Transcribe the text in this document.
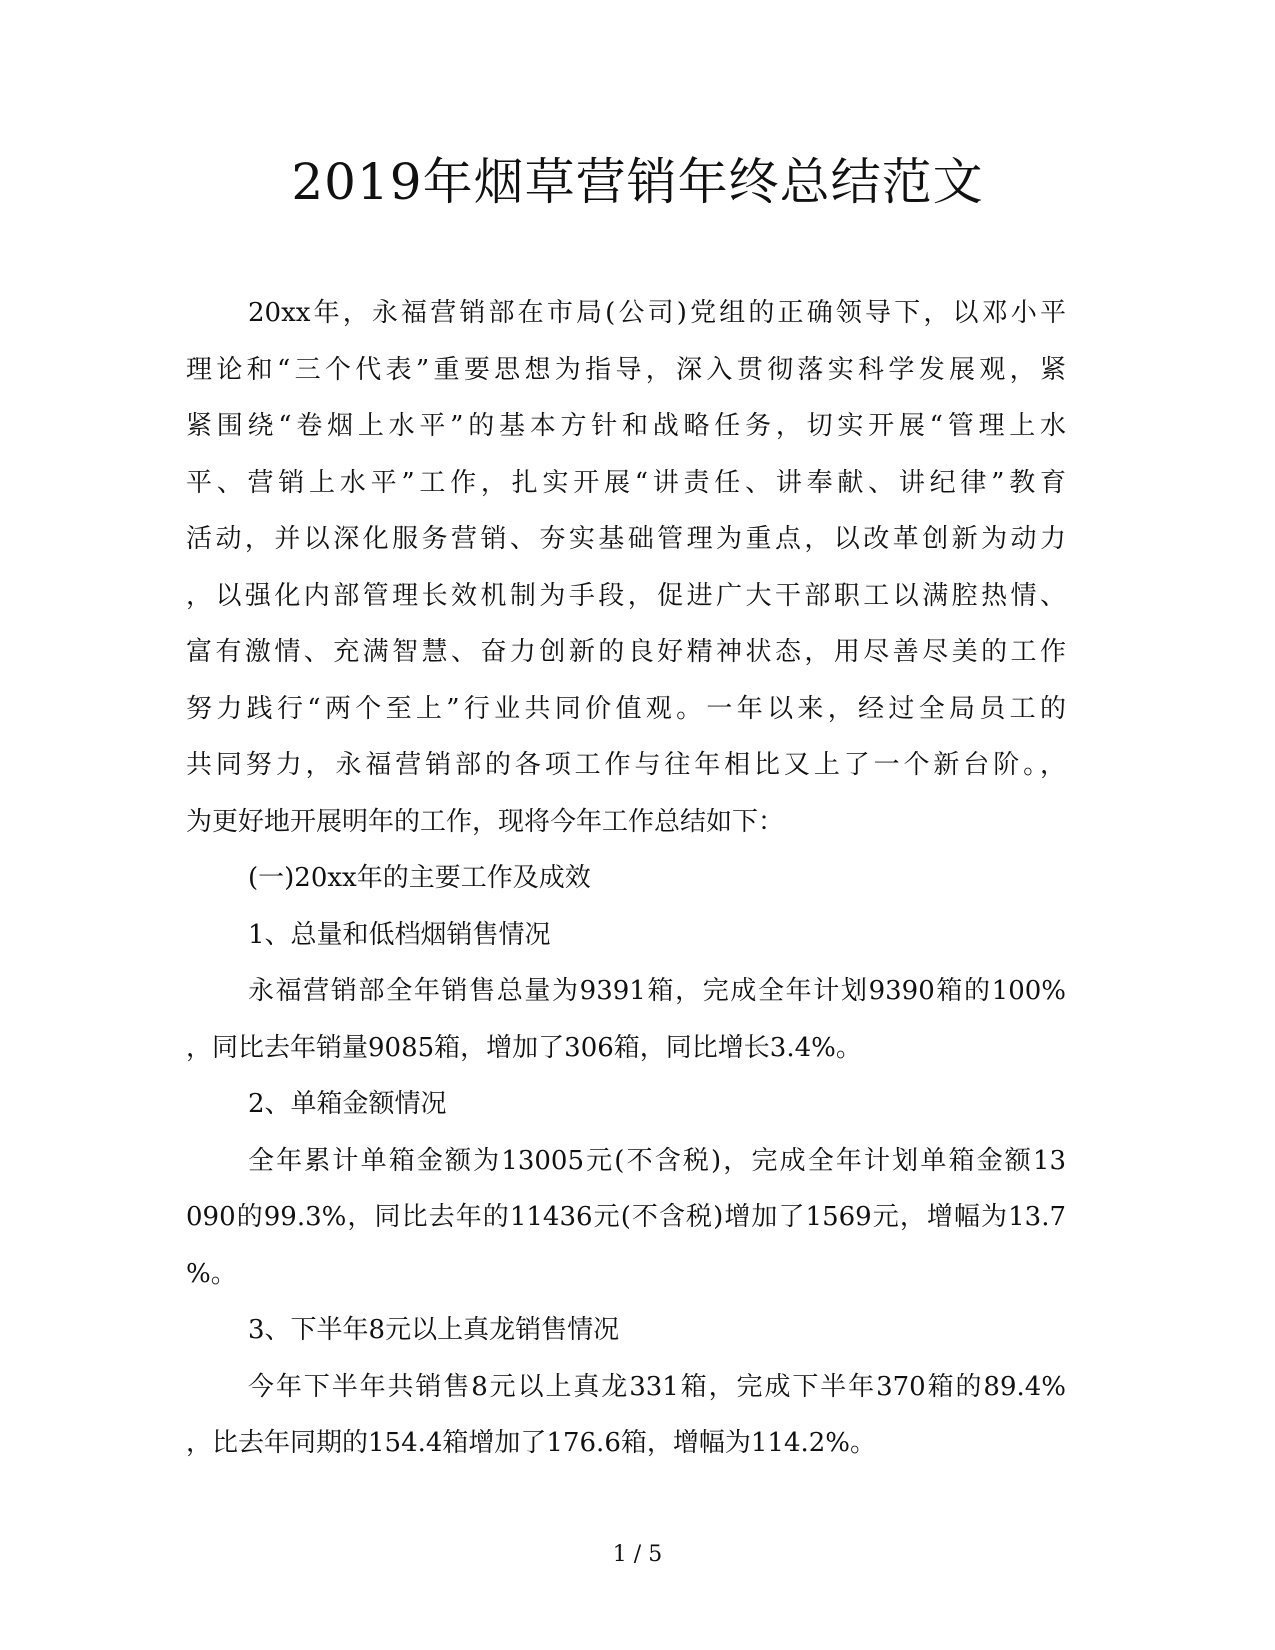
2019年烟草营销年终总结范文
20xx年，永福营销部在市局(公司)党组的正确领导下，以邓小平
理论和“三个代表”重要思想为指导，深入贯彻落实科学发展观，紧
紧围绕“卷烟上水平”的基本方针和战略任务，切实开展“管理上水
平、营销上水平”工作，扎实开展“讲责任、讲奉献、讲纪律”教育
活动，并以深化服务营销、夯实基础管理为重点，以改革创新为动力
，以强化内部管理长效机制为手段，促进广大干部职工以满腔热情、
富有激情、充满智慧、奋力创新的良好精神状态，用尽善尽美的工作
努力践行“两个至上”行业共同价值观。一年以来，经过全局员工的
共同努力，永福营销部的各项工作与往年相比又上了一个新台阶。，
为更好地开展明年的工作，现将今年工作总结如下：
(一)20xx年的主要工作及成效
1、总量和低档烟销售情况
永福营销部全年销售总量为9391箱，完成全年计划9390箱的100%
，同比去年销量9085箱，增加了306箱，同比增长3.4%。
2、单箱金额情况
全年累计单箱金额为13005元(不含税)，完成全年计划单箱金额13
090的99.3%，同比去年的11436元(不含税)增加了1569元，增幅为13.7
%。
3、下半年8元以上真龙销售情况
今年下半年共销售8元以上真龙331箱，完成下半年370箱的89.4%
，比去年同期的154.4箱增加了176.6箱，增幅为114.2%。
1 / 5
